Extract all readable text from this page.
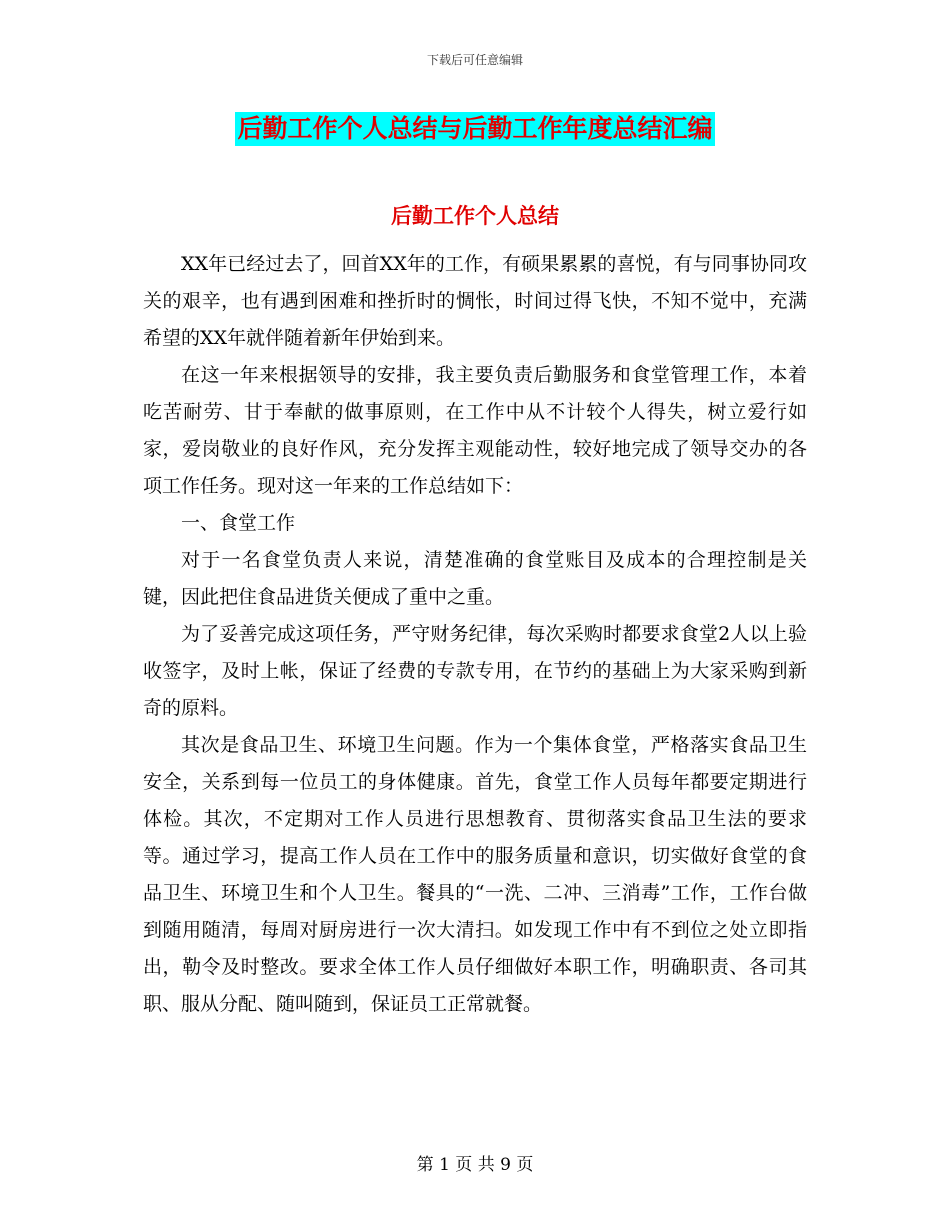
下载后可任意编辑
后勤工作个人总结与后勤工作年度总结汇编
后勤工作个人总结

XX年已经过去了，回首XX年的工作，有硕果累累的喜悦，有与同事协同攻关的艰辛，也有遇到困难和挫折时的惆怅，时间过得飞快，不知不觉中，充满希望的XX年就伴随着新年伊始到来。

在这一年来根据领导的安排，我主要负责后勤服务和食堂管理工作，本着吃苦耐劳、甘于奉献的做事原则，在工作中从不计较个人得失，树立爱行如家，爱岗敬业的良好作风，充分发挥主观能动性，较好地完成了领导交办的各项工作任务。现对这一年来的工作总结如下：

一、食堂工作

对于一名食堂负责人来说，清楚准确的食堂账目及成本的合理控制是关键，因此把住食品进货关便成了重中之重。

为了妥善完成这项任务，严守财务纪律，每次采购时都要求食堂2人以上验收签字，及时上帐，保证了经费的专款专用，在节约的基础上为大家采购到新奇的原料。

其次是食品卫生、环境卫生问题。作为一个集体食堂，严格落实食品卫生安全，关系到每一位员工的身体健康。首先，食堂工作人员每年都要定期进行体检。其次，不定期对工作人员进行思想教育、贯彻落实食品卫生法的要求等。通过学习，提高工作人员在工作中的服务质量和意识，切实做好食堂的食品卫生、环境卫生和个人卫生。餐具的“一洗、二冲、三消毒”工作，工作台做到随用随清，每周对厨房进行一次大清扫。如发现工作中有不到位之处立即指出，勒令及时整改。要求全体工作人员仔细做好本职工作，明确职责、各司其职、服从分配、随叫随到，保证员工正常就餐。

第 1 页 共 9 页
